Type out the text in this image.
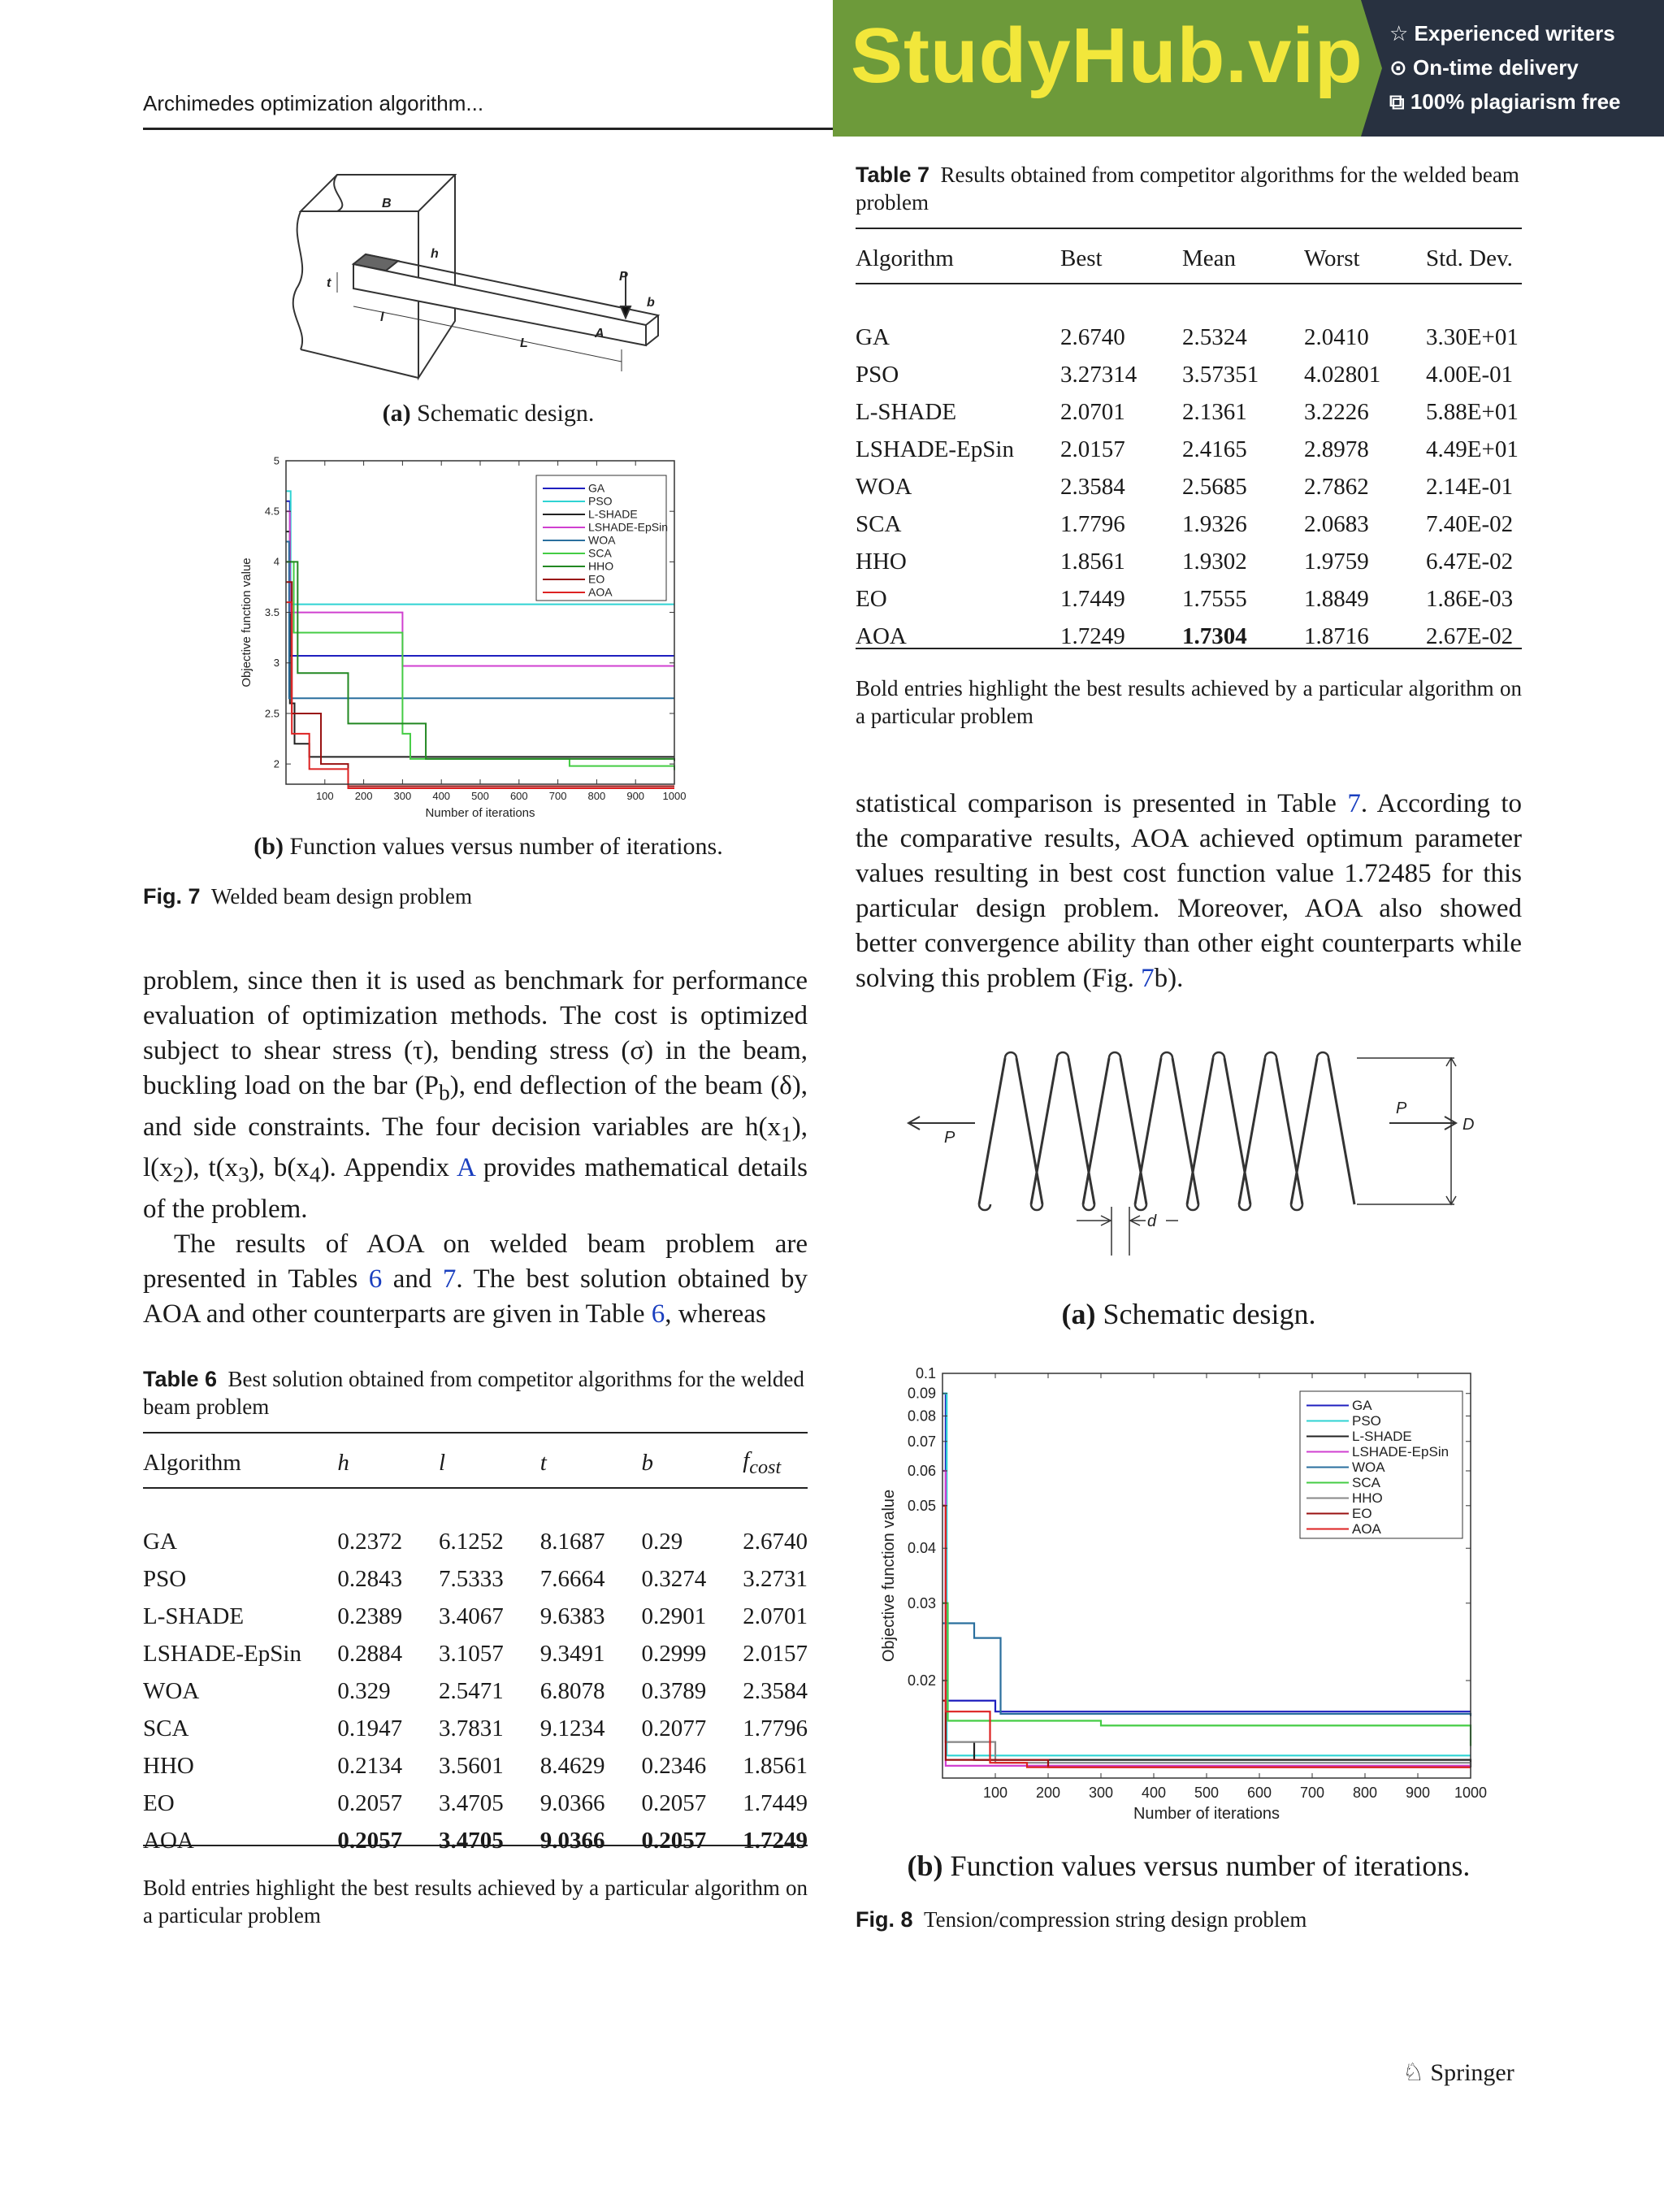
Archimedes optimization algorithm...
StudyHub.vip ☆ Experienced writers
⊙ On-time delivery
⧉ 100% plagiarism free
B
h
P
t
l
A
L
b
(a) Schematic design.
100 200 300 400 500 600 700 800 900 1000
2
2.5
3
3.5
4
4.5
5
Number of iterations
Objective function value
GA
PSO
L-SHADE
LSHADE-EpSin
WOA
SCA
HHO
EO
AOA
(b) Function values versus number of iterations.
Fig. 7 Welded beam design problem

problem, since then it is used as benchmark for performance evaluation of optimization methods. The cost is optimized subject to shear stress (τ), bending stress (σ) in the beam, buckling load on the bar $(P_b)$, end deflection of the beam (δ), and side constraints. The four decision variables are $h(x_1)$, $l(x_2)$, $t(x_3)$, $b(x_4)$. Appendix A provides mathematical details of the problem.

The results of AOA on welded beam problem are presented in Tables 6 and 7. The best solution obtained by AOA and other counterparts are given in Table 6, whereas

Table 6 Best solution obtained from competitor algorithms for the welded beam problem
Algorithm	h	l	t	b	$f_{cost}$

GA	0.2372	6.1252	8.1687	0.29	2.6740
PSO	0.2843	7.5333	7.6664	0.3274	3.2731
L-SHADE	0.2389	3.4067	9.6383	0.2901	2.0701
LSHADE-EpSin	0.2884	3.1057	9.3491	0.2999	2.0157
WOA	0.329	2.5471	6.8078	0.3789	2.3584
SCA	0.1947	3.7831	9.1234	0.2077	1.7796
HHO	0.2134	3.5601	8.4629	0.2346	1.8561
EO	0.2057	3.4705	9.0366	0.2057	1.7449
AOA	0.2057	3.4705	9.0366	0.2057	1.7249
Bold entries highlight the best results achieved by a particular algorithm on a particular problem
Table 7 Results obtained from competitor algorithms for the welded beam problem
Algorithm	Best	Mean	Worst	Std. Dev.

GA	2.6740	2.5324	2.0410	3.30E+01
PSO	3.27314	3.57351	4.02801	4.00E-01
L-SHADE	2.0701	2.1361	3.2226	5.88E+01
LSHADE-EpSin	2.0157	2.4165	2.8978	4.49E+01
WOA	2.3584	2.5685	2.7862	2.14E-01
SCA	1.7796	1.9326	2.0683	7.40E-02
HHO	1.8561	1.9302	1.9759	6.47E-02
EO	1.7449	1.7555	1.8849	1.86E-03
AOA	1.7249	1.7304	1.8716	2.67E-02
Bold entries highlight the best results achieved by a particular algorithm on a particular problem

statistical comparison is presented in Table 7. According to the comparative results, AOA achieved optimum parameter values resulting in best cost function value 1.72485 for this particular design problem. Moreover, AOA also showed better convergence ability than other eight counterparts while solving this problem (Fig. 7b).

P
P
D
d
(a) Schematic design.
100 200 300 400 500 600 700 800 900 1000
0.02
0.03
0.04
0.05
0.06
0.07
0.08
0.09
0.1
Number of iterations
Objective function value
GA
PSO
L-SHADE
LSHADE-EpSin
WOA
SCA
HHO
EO
AOA
(b) Function values versus number of iterations.
Fig. 8 Tension/compression string design problem
♘ Springer
